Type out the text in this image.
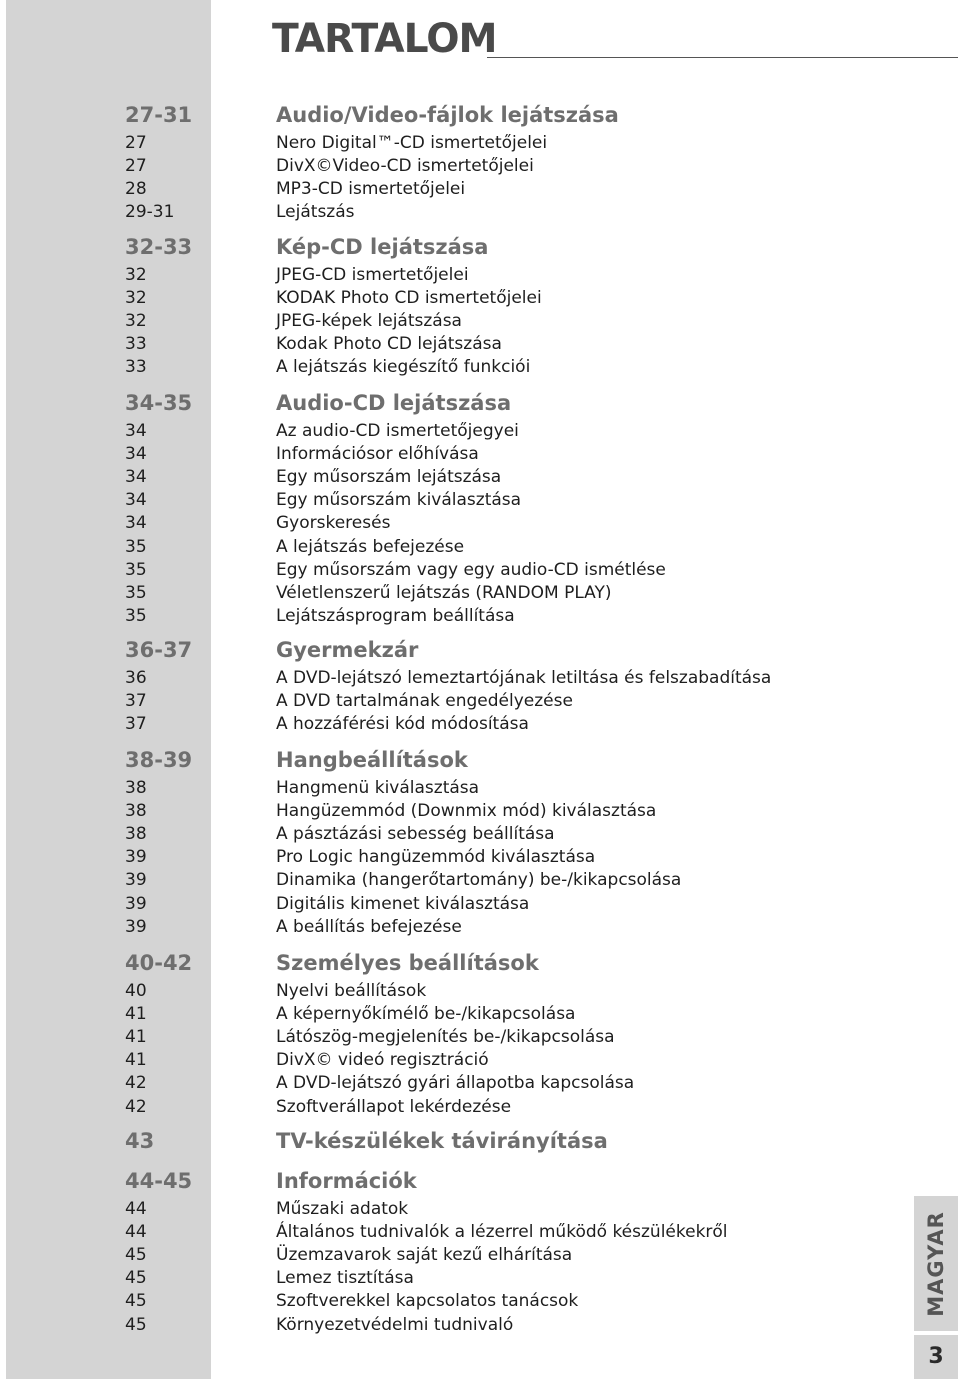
TARTALOM
27-31	Audio/Video-fájlok lejátszása
27	Nero Digital™-CD ismertetőjelei
27	DivX©Video-CD ismertetőjelei
28	MP3-CD ismertetőjelei
29-31	Lejátszás
32-33	Kép-CD lejátszása
32	JPEG-CD ismertetőjelei
32	KODAK Photo CD ismertetőjelei
32	JPEG-képek lejátszása
33	Kodak Photo CD lejátszása
33	A lejátszás kiegészítő funkciói
34-35	Audio-CD lejátszása
34	Az audio-CD ismertetőjegyei
34	Információsor előhívása
34	Egy műsorszám lejátszása
34	Egy műsorszám kiválasztása
34	Gyorskeresés
35	A lejátszás befejezése
35	Egy műsorszám vagy egy audio-CD ismétlése
35	Véletlenszerű lejátszás (RANDOM PLAY)
35	Lejátszásprogram beállítása
36-37	Gyermekzár
36	A DVD-lejátszó lemeztartójának letiltása és felszabadítása
37	A DVD tartalmának engedélyezése
37	A hozzáférési kód módosítása
38-39	Hangbeállítások
38	Hangmenü kiválasztása
38	Hangüzemmód (Downmix mód) kiválasztása
38	A pásztázási sebesség beállítása
39	Pro Logic hangüzemmód kiválasztása
39	Dinamika (hangerőtartomány) be-/kikapcsolása
39	Digitális kimenet kiválasztása
39	A beállítás befejezése
40-42	Személyes beállítások
40	Nyelvi beállítások
41	A képernyőkímélő be-/kikapcsolása
41	Látószög-megjelenítés be-/kikapcsolása
41	DivX© videó regisztráció
42	A DVD-lejátszó gyári állapotba kapcsolása
42	Szoftverállapot lekérdezése
43	TV-készülékek távirányítása
44-45	Információk
44	Műszaki adatok
44	Általános tudnivalók a lézerrel működő készülékekről
45	Üzemzavarok saját kezű elhárítása
45	Lemez tisztítása
45	Szoftverekkel kapcsolatos tanácsok
45	Környezetvédelmi tudnivaló
MAGYAR
3
